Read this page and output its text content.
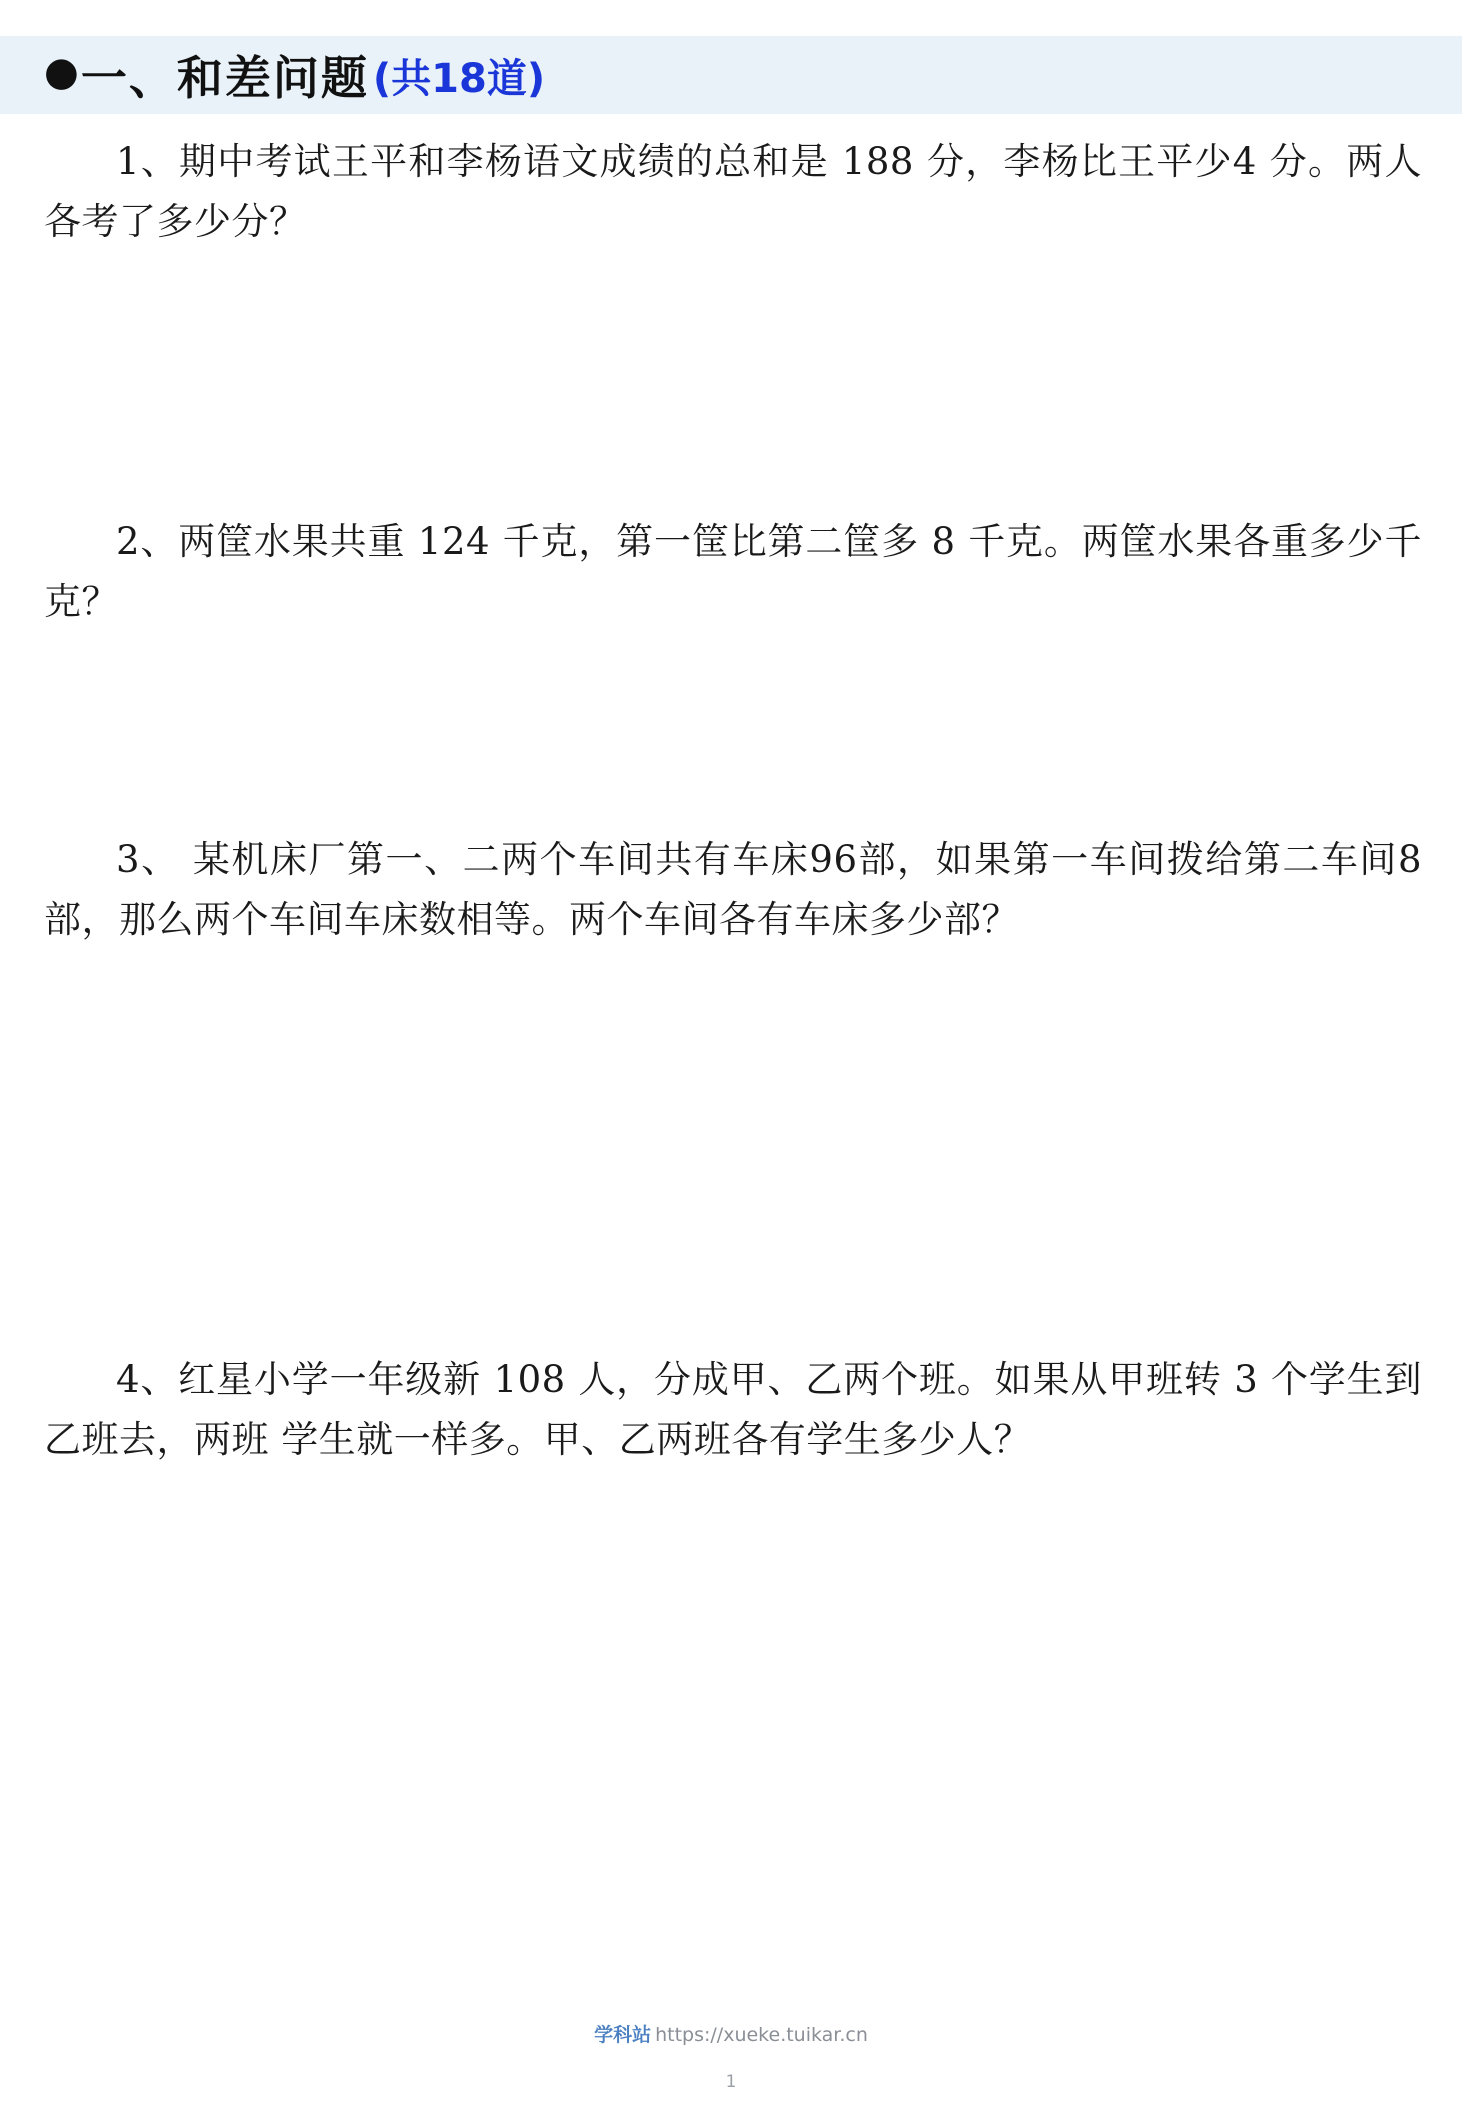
● 一、和差问题 (共18道)
1、期中考试王平和李杨语文成绩的总和是 188 分，李杨比王平少4 分。两人各考了多少分？
2、两筐水果共重 124 千克，第一筐比第二筐多 8 千克。两筐水果各重多少千克？
3、 某机床厂第一、二两个车间共有车床96部，如果第一车间拨给第二车间8部，那么两个车间车床数相等。两个车间各有车床多少部？
4、红星小学一年级新 108 人，分成甲、乙两个班。如果从甲班转 3 个学生到乙班去，两班 学生就一样多。甲、乙两班各有学生多少人？
学科站 https://xueke.tuikar.cn
1
